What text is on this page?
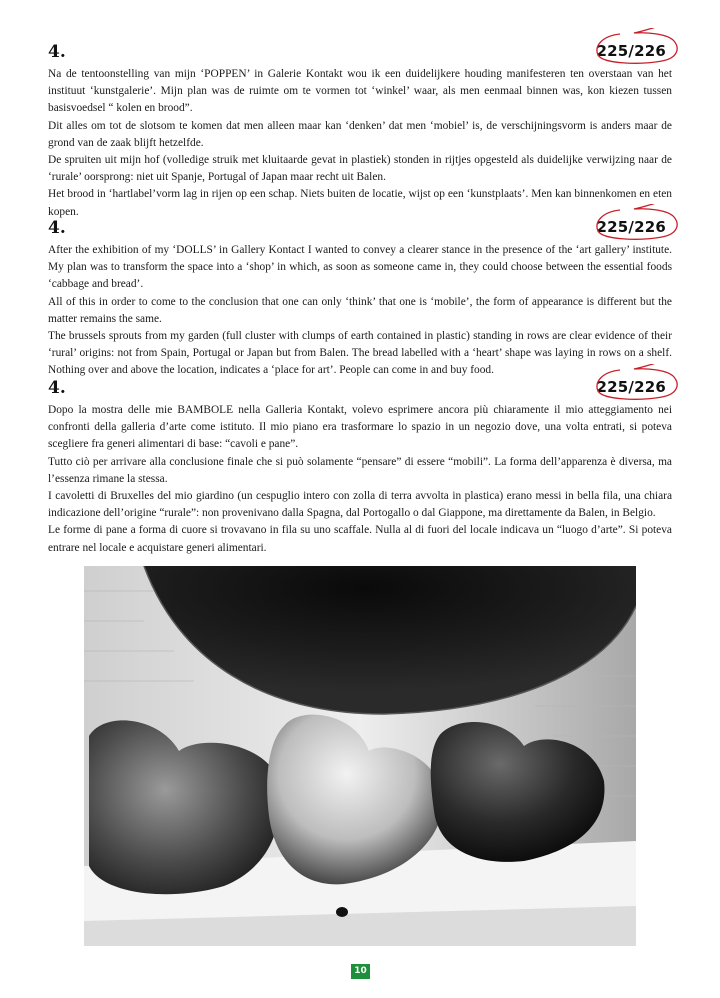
4.	225/226
Na de tentoonstelling van mijn ‘POPPEN’ in Galerie Kontakt wou ik een duidelijkere houding manifesteren ten overstaan van het instituut ‘kunstgalerie’. Mijn plan was de ruimte om te vormen tot ‘winkel’ waar, als men eenmaal binnen was, kon kiezen tussen basisvoedsel “ kolen en brood”.
Dit alles om tot de slotsom te komen dat men alleen maar kan ‘denken’ dat men ‘mobiel’ is, de verschijningsvorm is anders maar de grond van de zaak blijft hetzelfde.
De spruiten uit mijn hof (volledige struik met kluitaarde gevat in plastiek) stonden in rijtjes opgesteld als duidelijke verwijzing naar de ‘rurale’ oorsprong: niet uit Spanje, Portugal of Japan maar recht uit Balen.
Het brood in ‘hartlabel’vorm lag in rijen op een schap. Niets buiten de locatie, wijst op een ‘kunstplaats’. Men kan binnenkomen en eten kopen.
4.	225/226
After the exhibition of my ‘DOLLS’ in Gallery Kontact I wanted to convey a clearer stance in the presence of the ‘art gallery’ institute. My plan was to transform the space into a ‘shop’ in which, as soon as someone came in, they could choose between the essential foods ‘cabbage and bread’.
All of this in order to come to the conclusion that one can only ‘think’ that one is ‘mobile’, the form of appearance is different but the matter remains the same.
The brussels sprouts from my garden (full cluster with clumps of earth contained in plastic) standing in rows are clear evidence of their ‘rural’ origins: not from Spain, Portugal or Japan but from Balen. The bread labelled with a ‘heart’ shape was laying in rows on a shelf. Nothing over and above the location, indicates a ‘place for art’. People can come in and buy food.
4.	225/226
Dopo la mostra delle mie BAMBOLE nella Galleria Kontakt, volevo esprimere ancora più chiaramente il mio atteggiamento nei confronti della galleria d’arte come istituto. Il mio piano era trasformare lo spazio in un negozio dove, una volta entrati, si poteva scegliere fra generi alimentari di base: “cavoli e pane”.
Tutto ciò per arrivare alla conclusione finale che si può solamente “pensare” di essere “mobili”. La forma dell’apparenza è diversa, ma l’essenza rimane la stessa.
I cavoletti di Bruxelles del mio giardino (un cespuglio intero con zolla di terra avvolta in plastica) erano messi in bella fila, una chiara indicazione dell’origine “rurale”: non provenivano dalla Spagna, dal Portogallo o dal Giappone, ma direttamente da Balen, in Belgio.
Le forme di pane a forma di cuore si trovavano in fila su uno scaffale. Nulla al di fuori del locale indicava un “luogo d’arte”. Si poteva entrare nel locale e acquistare generi alimentari.
10
